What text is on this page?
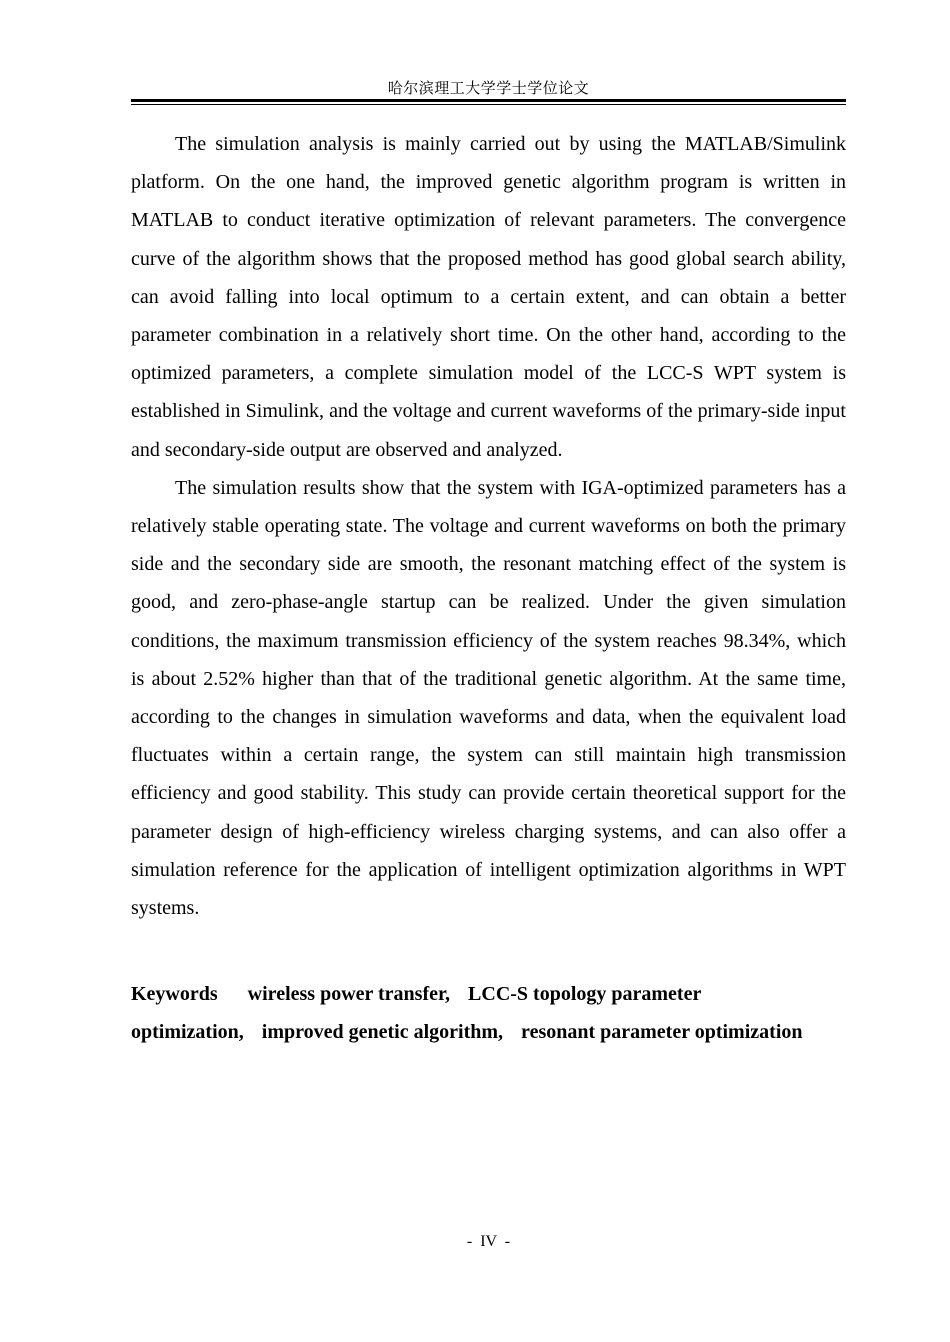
哈尔滨理工大学学士学位论文

The simulation analysis is mainly carried out by using the MATLAB/Simulink platform. On the one hand, the improved genetic algorithm program is written in MATLAB to conduct iterative optimization of relevant parameters. The convergence curve of the algorithm shows that the proposed method has good global search ability, can avoid falling into local optimum to a certain extent, and can obtain a better parameter combination in a relatively short time. On the other hand, according to the optimized parameters, a complete simulation model of the LCC-S WPT system is established in Simulink, and the voltage and current waveforms of the primary-side input and secondary-side output are observed and analyzed.

The simulation results show that the system with IGA-optimized parameters has a relatively stable operating state. The voltage and current waveforms on both the primary side and the secondary side are smooth, the resonant matching effect of the system is good, and zero-phase-angle startup can be realized. Under the given simulation conditions, the maximum transmission efficiency of the system reaches 98.34%, which is about 2.52% higher than that of the traditional genetic algorithm. At the same time, according to the changes in simulation waveforms and data, when the equivalent load fluctuates within a certain range, the system can still maintain high transmission efficiency and good stability. This study can provide certain theoretical support for the parameter design of high-efficiency wireless charging systems, and can also offer a simulation reference for the application of intelligent optimization algorithms in WPT systems.

Keywords wireless power transfer, LCC-S topology parameter optimization, improved genetic algorithm, resonant parameter optimization
- IV -
